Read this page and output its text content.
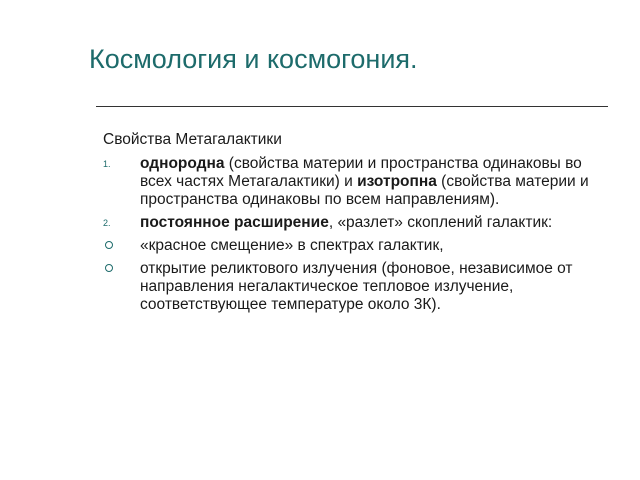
Космология и космогония.

Свойства Метагалактики

1. однородна (свойства материи и пространства одинаковы во всех частях Метагалактики) и изотропна (свойства материи и пространства одинаковы по всем направлениям).
2. постоянное расширение, «разлет» скоплений галактик:
«красное смещение» в спектрах галактик,
открытие реликтового излучения (фоновое, независимое от направления негалактическое тепловое излучение, соответствующее температуре около 3К).
